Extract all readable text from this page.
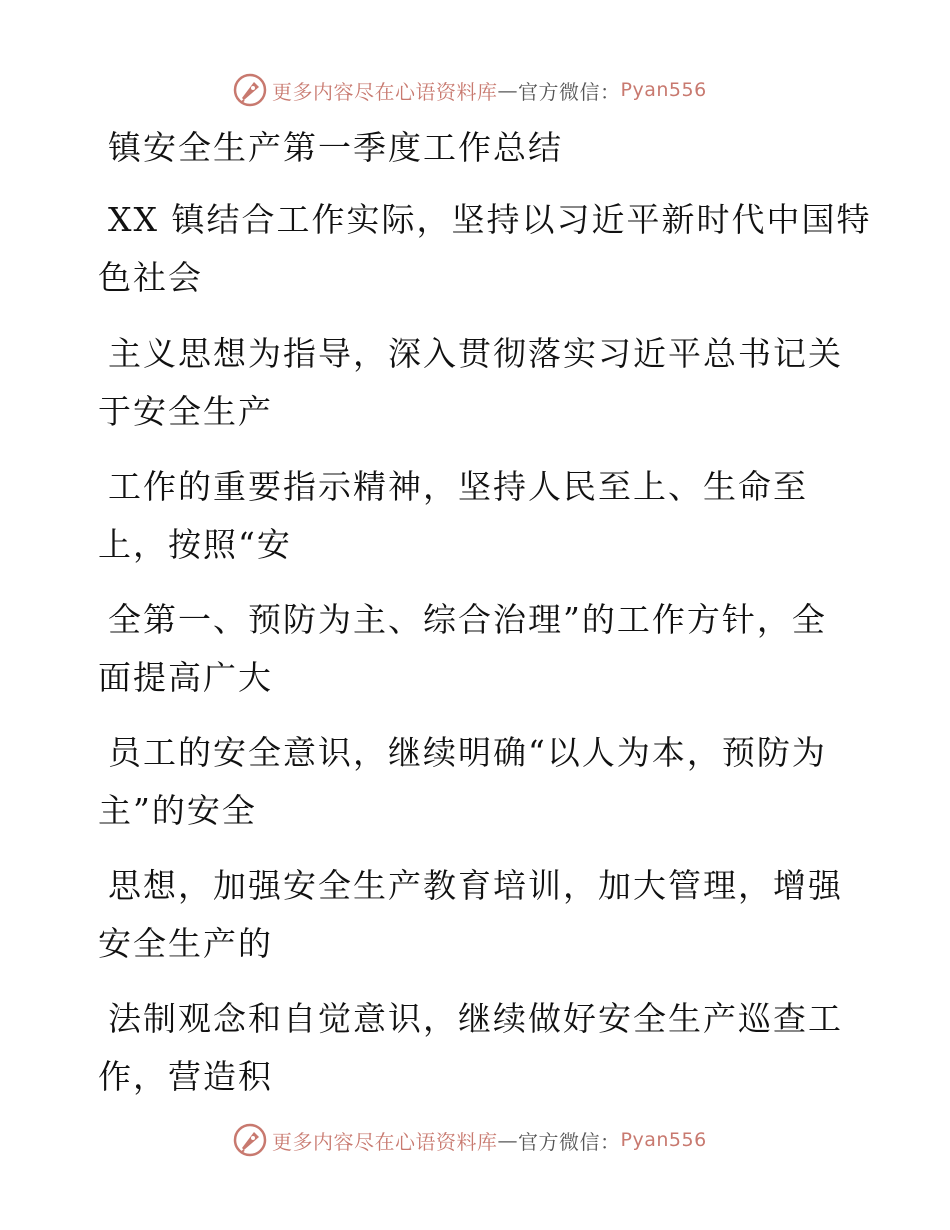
更多内容尽在心语资料库 — 官方微信： Pyan556
镇安全生产第一季度工作总结
XX 镇结合工作实际，坚持以习近平新时代中国特
色社会
主义思想为指导，深入贯彻落实习近平总书记关
于安全生产
工作的重要指示精神，坚持人民至上、生命至
上，按照“安
全第一、预防为主、综合治理”的工作方针，全
面提高广大
员工的安全意识，继续明确“以人为本，预防为
主”的安全
思想，加强安全生产教育培训，加大管理，增强
安全生产的
法制观念和自觉意识，继续做好安全生产巡查工
作，营造积
更多内容尽在心语资料库 — 官方微信： Pyan556
